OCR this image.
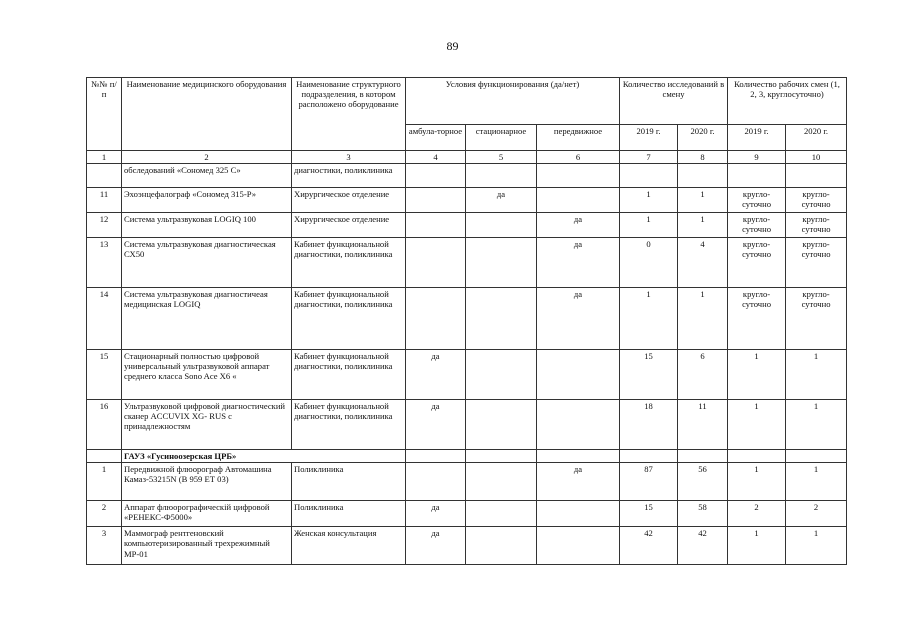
89
№№ п/п	Наименование медицинского оборудования	Наименование структурного подразделения, в котором расположено оборудование	Условия функционирования (да/нет)			Количество исследований в смену		Количество рабочих смен (1, 2, 3, круглосуточно)	
			амбула-торное	стационарное	передвижное	2019 г.	2020 г.	2019 г.	2020 г.
1	2	3	4	5	6	7	8	9	10
	обследований «Сономед 325 С»	диагностики, поликлиника							
11	Эхоэнцефалограф «Сономед 315-Р»	Хирургическое отделение		да		1	1	кругло-суточно	кругло-суточно
12	Система ультразвуковая LOGIQ 100	Хирургическое отделение			да	1	1	кругло-суточно	кругло-суточно
13	Система ультразвуковая диагностическая СХ50	Кабинет функциональной диагностики, поликлиника			да	0	4	кругло-суточно	кругло-суточно
14	Система ультразвуковая диагностичеая медицинская LOGIQ	Кабинет функциональной диагностики, поликлиника			да	1	1	кругло-суточно	кругло-суточно
15	Стационарный полностью цифровой универсальный ультразвуковой аппарат среднего класса Sono Ace X6 «	Кабинет функциональной диагностики, поликлиника	да			15	6	1	1
16	Ультразвуковой цифровой диагностический сканер ACCUVIX XG- RUS с принадлежностям	Кабинет функциональной диагностики, поликлиника	да			18	11	1	1
	ГАУЗ «Гусиноозерская ЦРБ»								
1	Передвижной флюорограф Автомашина Камаз-53215N (В 959 ЕТ 03)	Поликлиника			да	87	56	1	1
2	Аппарат флюорографическій цифровой «РЕНЕКС-Ф5000»	Поликлиника	да			15	58	2	2
3	Маммограф рентгеновский компьютеризированный трехрежимный МР-01	Женская консультация	да			42	42	1	1
